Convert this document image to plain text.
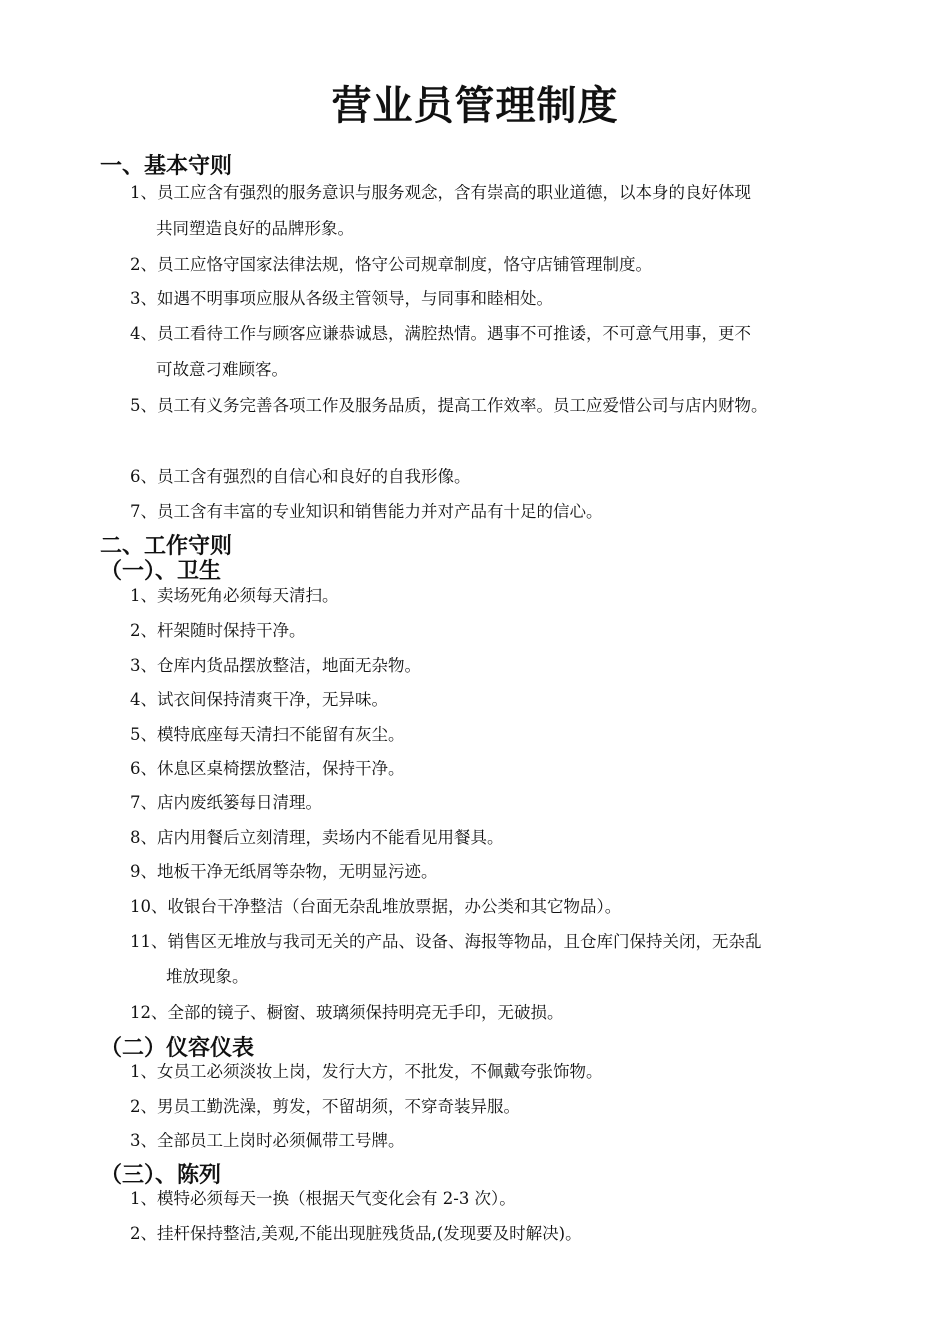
营业员管理制度
一、基本守则
1、员工应含有强烈的服务意识与服务观念，含有崇高的职业道德，以本身的良好体现
共同塑造良好的品牌形象。
2、员工应恪守国家法律法规，恪守公司规章制度，恪守店铺管理制度。
3、如遇不明事项应服从各级主管领导，与同事和睦相处。
4、员工看待工作与顾客应谦恭诚恳，满腔热情。遇事不可推诿，不可意气用事，更不
可故意刁难顾客。
5、员工有义务完善各项工作及服务品质，提高工作效率。员工应爱惜公司与店内财物。
6、员工含有强烈的自信心和良好的自我形像。
7、员工含有丰富的专业知识和销售能力并对产品有十足的信心。
二、工作守则
（一）、卫生
1、卖场死角必须每天清扫。
2、杆架随时保持干净。
3、仓库内货品摆放整洁，地面无杂物。
4、试衣间保持清爽干净，无异味。
5、模特底座每天清扫不能留有灰尘。
6、休息区桌椅摆放整洁，保持干净。
7、店内废纸篓每日清理。
8、店内用餐后立刻清理，卖场内不能看见用餐具。
9、地板干净无纸屑等杂物，无明显污迹。
10、收银台干净整洁（台面无杂乱堆放票据，办公类和其它物品）。
11、销售区无堆放与我司无关的产品、设备、海报等物品，且仓库门保持关闭，无杂乱
堆放现象。
12、全部的镜子、橱窗、玻璃须保持明亮无手印，无破损。
（二）仪容仪表
1、女员工必须淡妆上岗，发行大方，不批发，不佩戴夸张饰物。
2、男员工勤洗澡，剪发，不留胡须，不穿奇装异服。
3、全部员工上岗时必须佩带工号牌。
（三）、陈列
1、模特必须每天一换（根据天气变化会有 2-3 次）。
2、挂杆保持整洁,美观,不能出现脏残货品,(发现要及时解决)。
